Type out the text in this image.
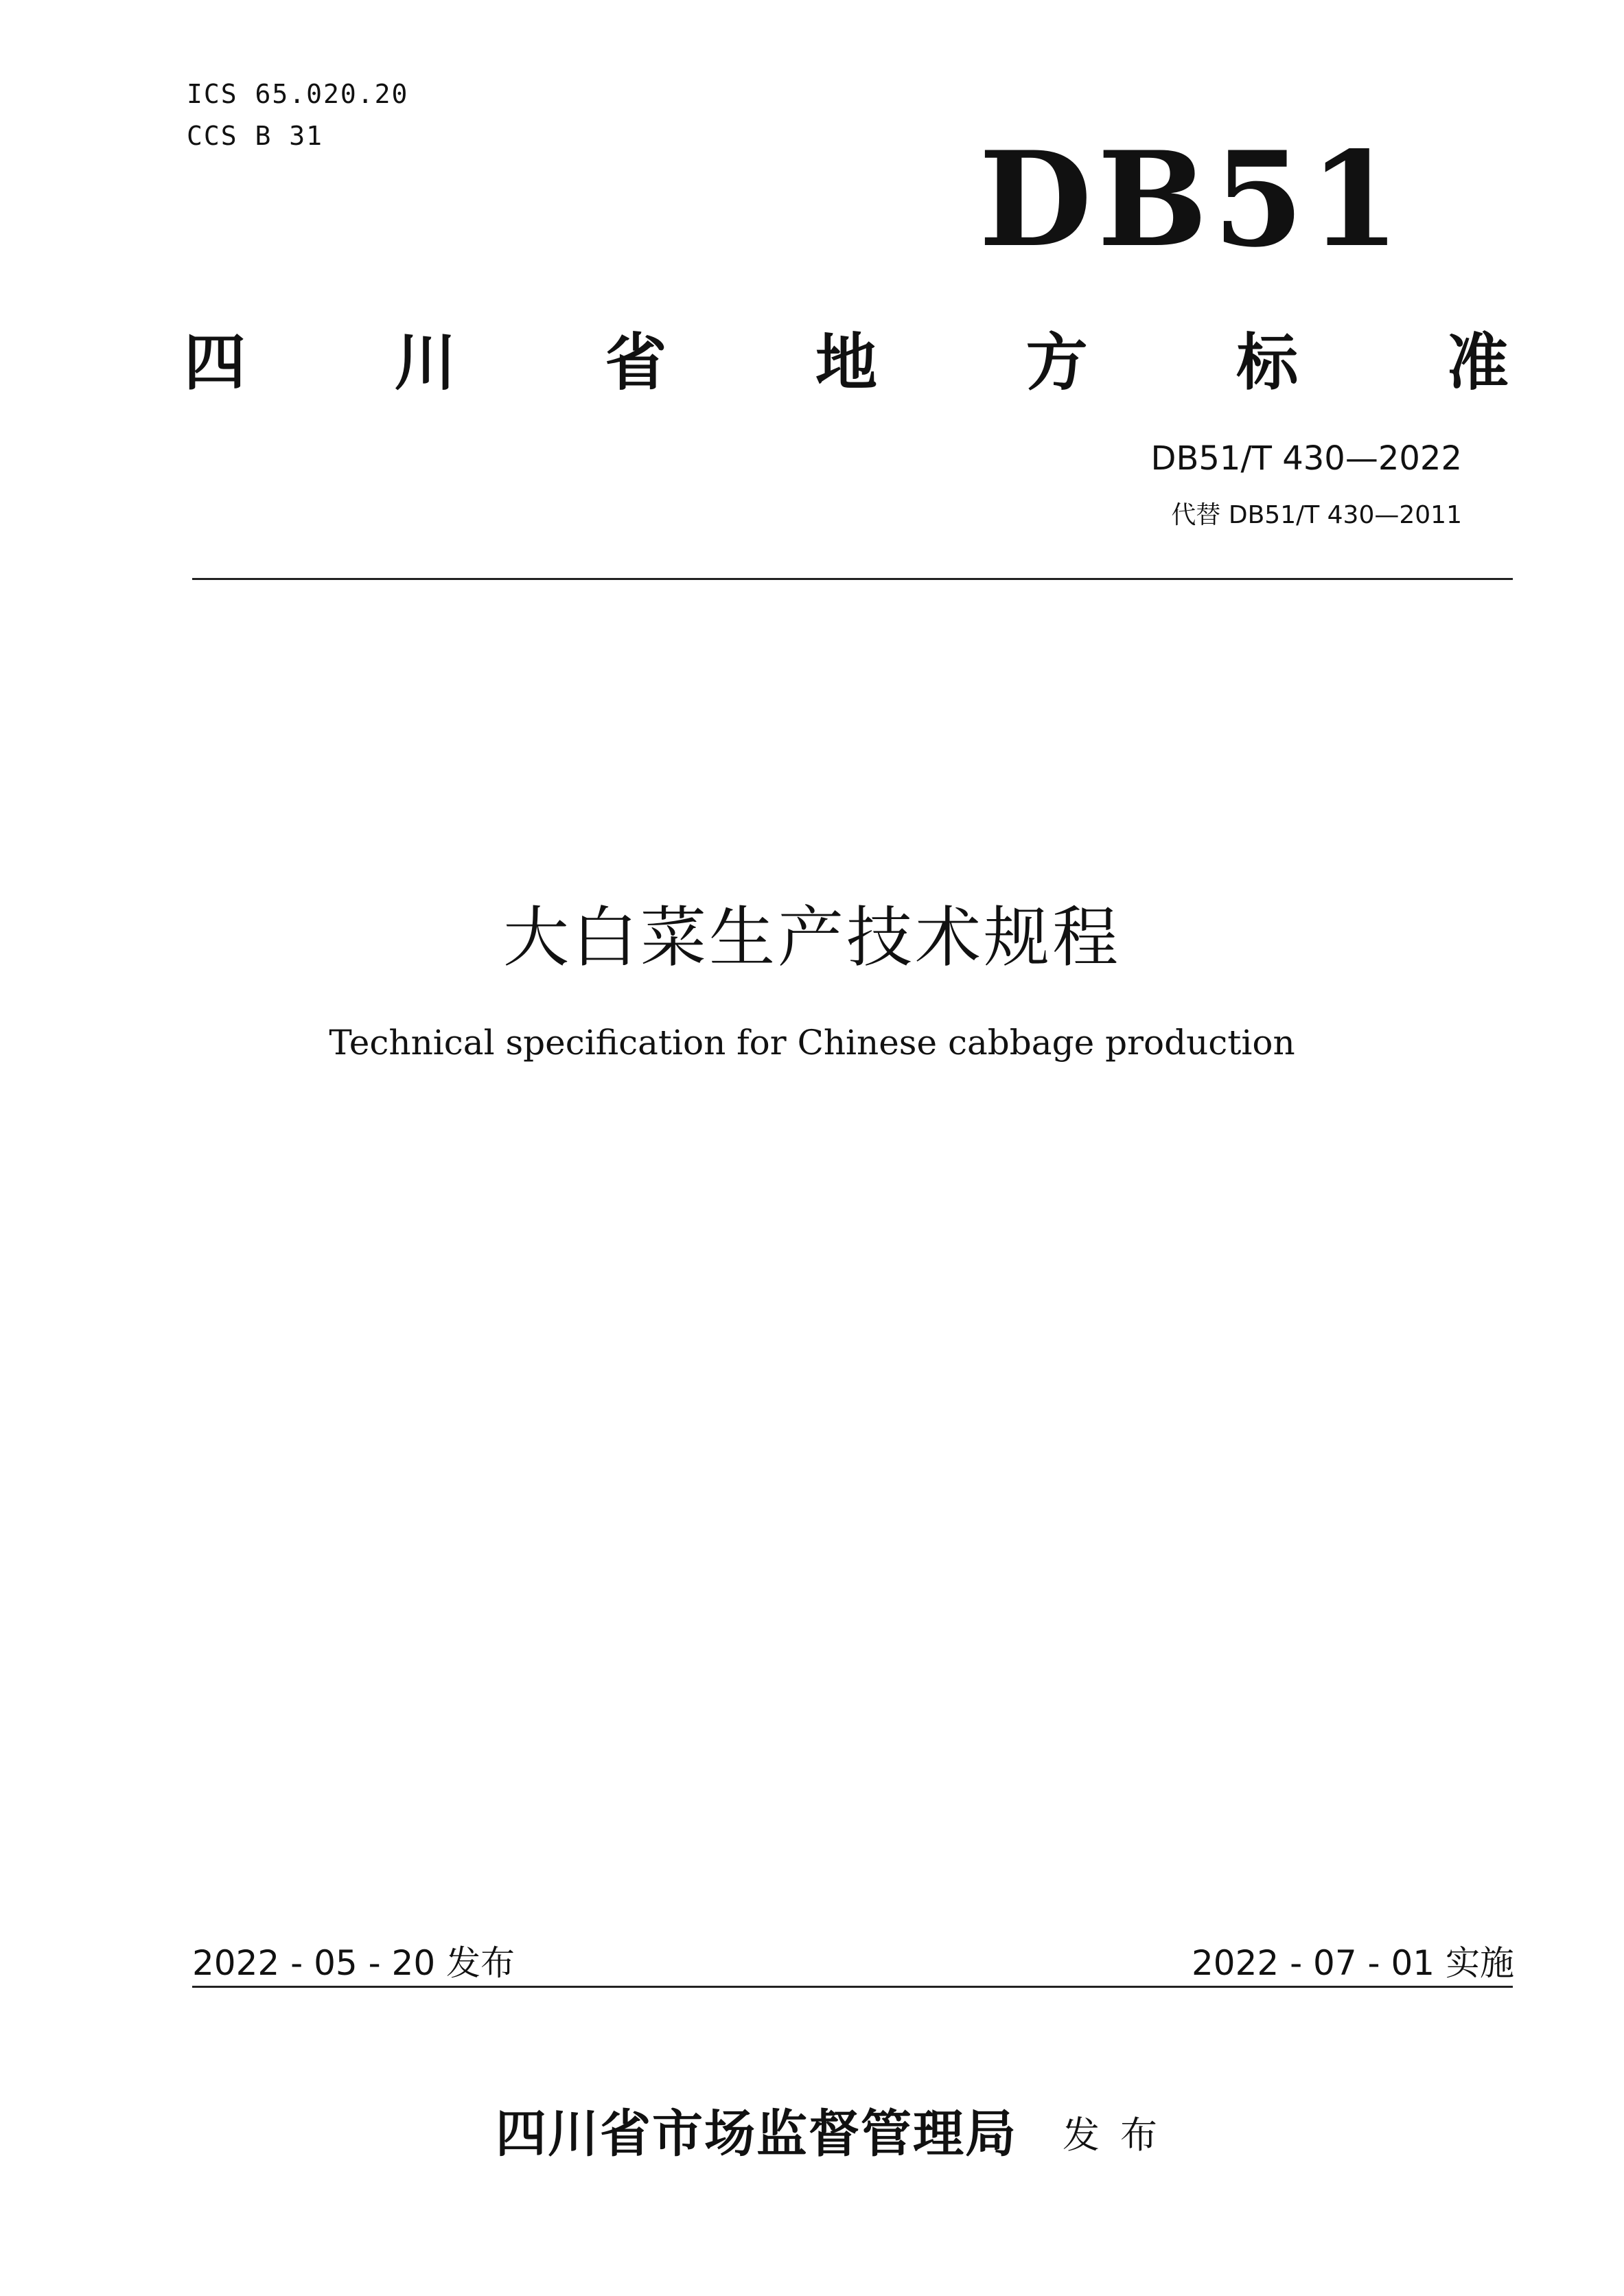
ICS 65.020.20
CCS B 31	DB51
四 川 省 地 方 标 准
DB51/T 430—2022
代替 DB51/T 430—2011
大白菜生产技术规程
Technical specification for Chinese cabbage production
2022 - 05 - 20 发布	2022 - 07 - 01 实施
四川省市场监督管理局 发布
